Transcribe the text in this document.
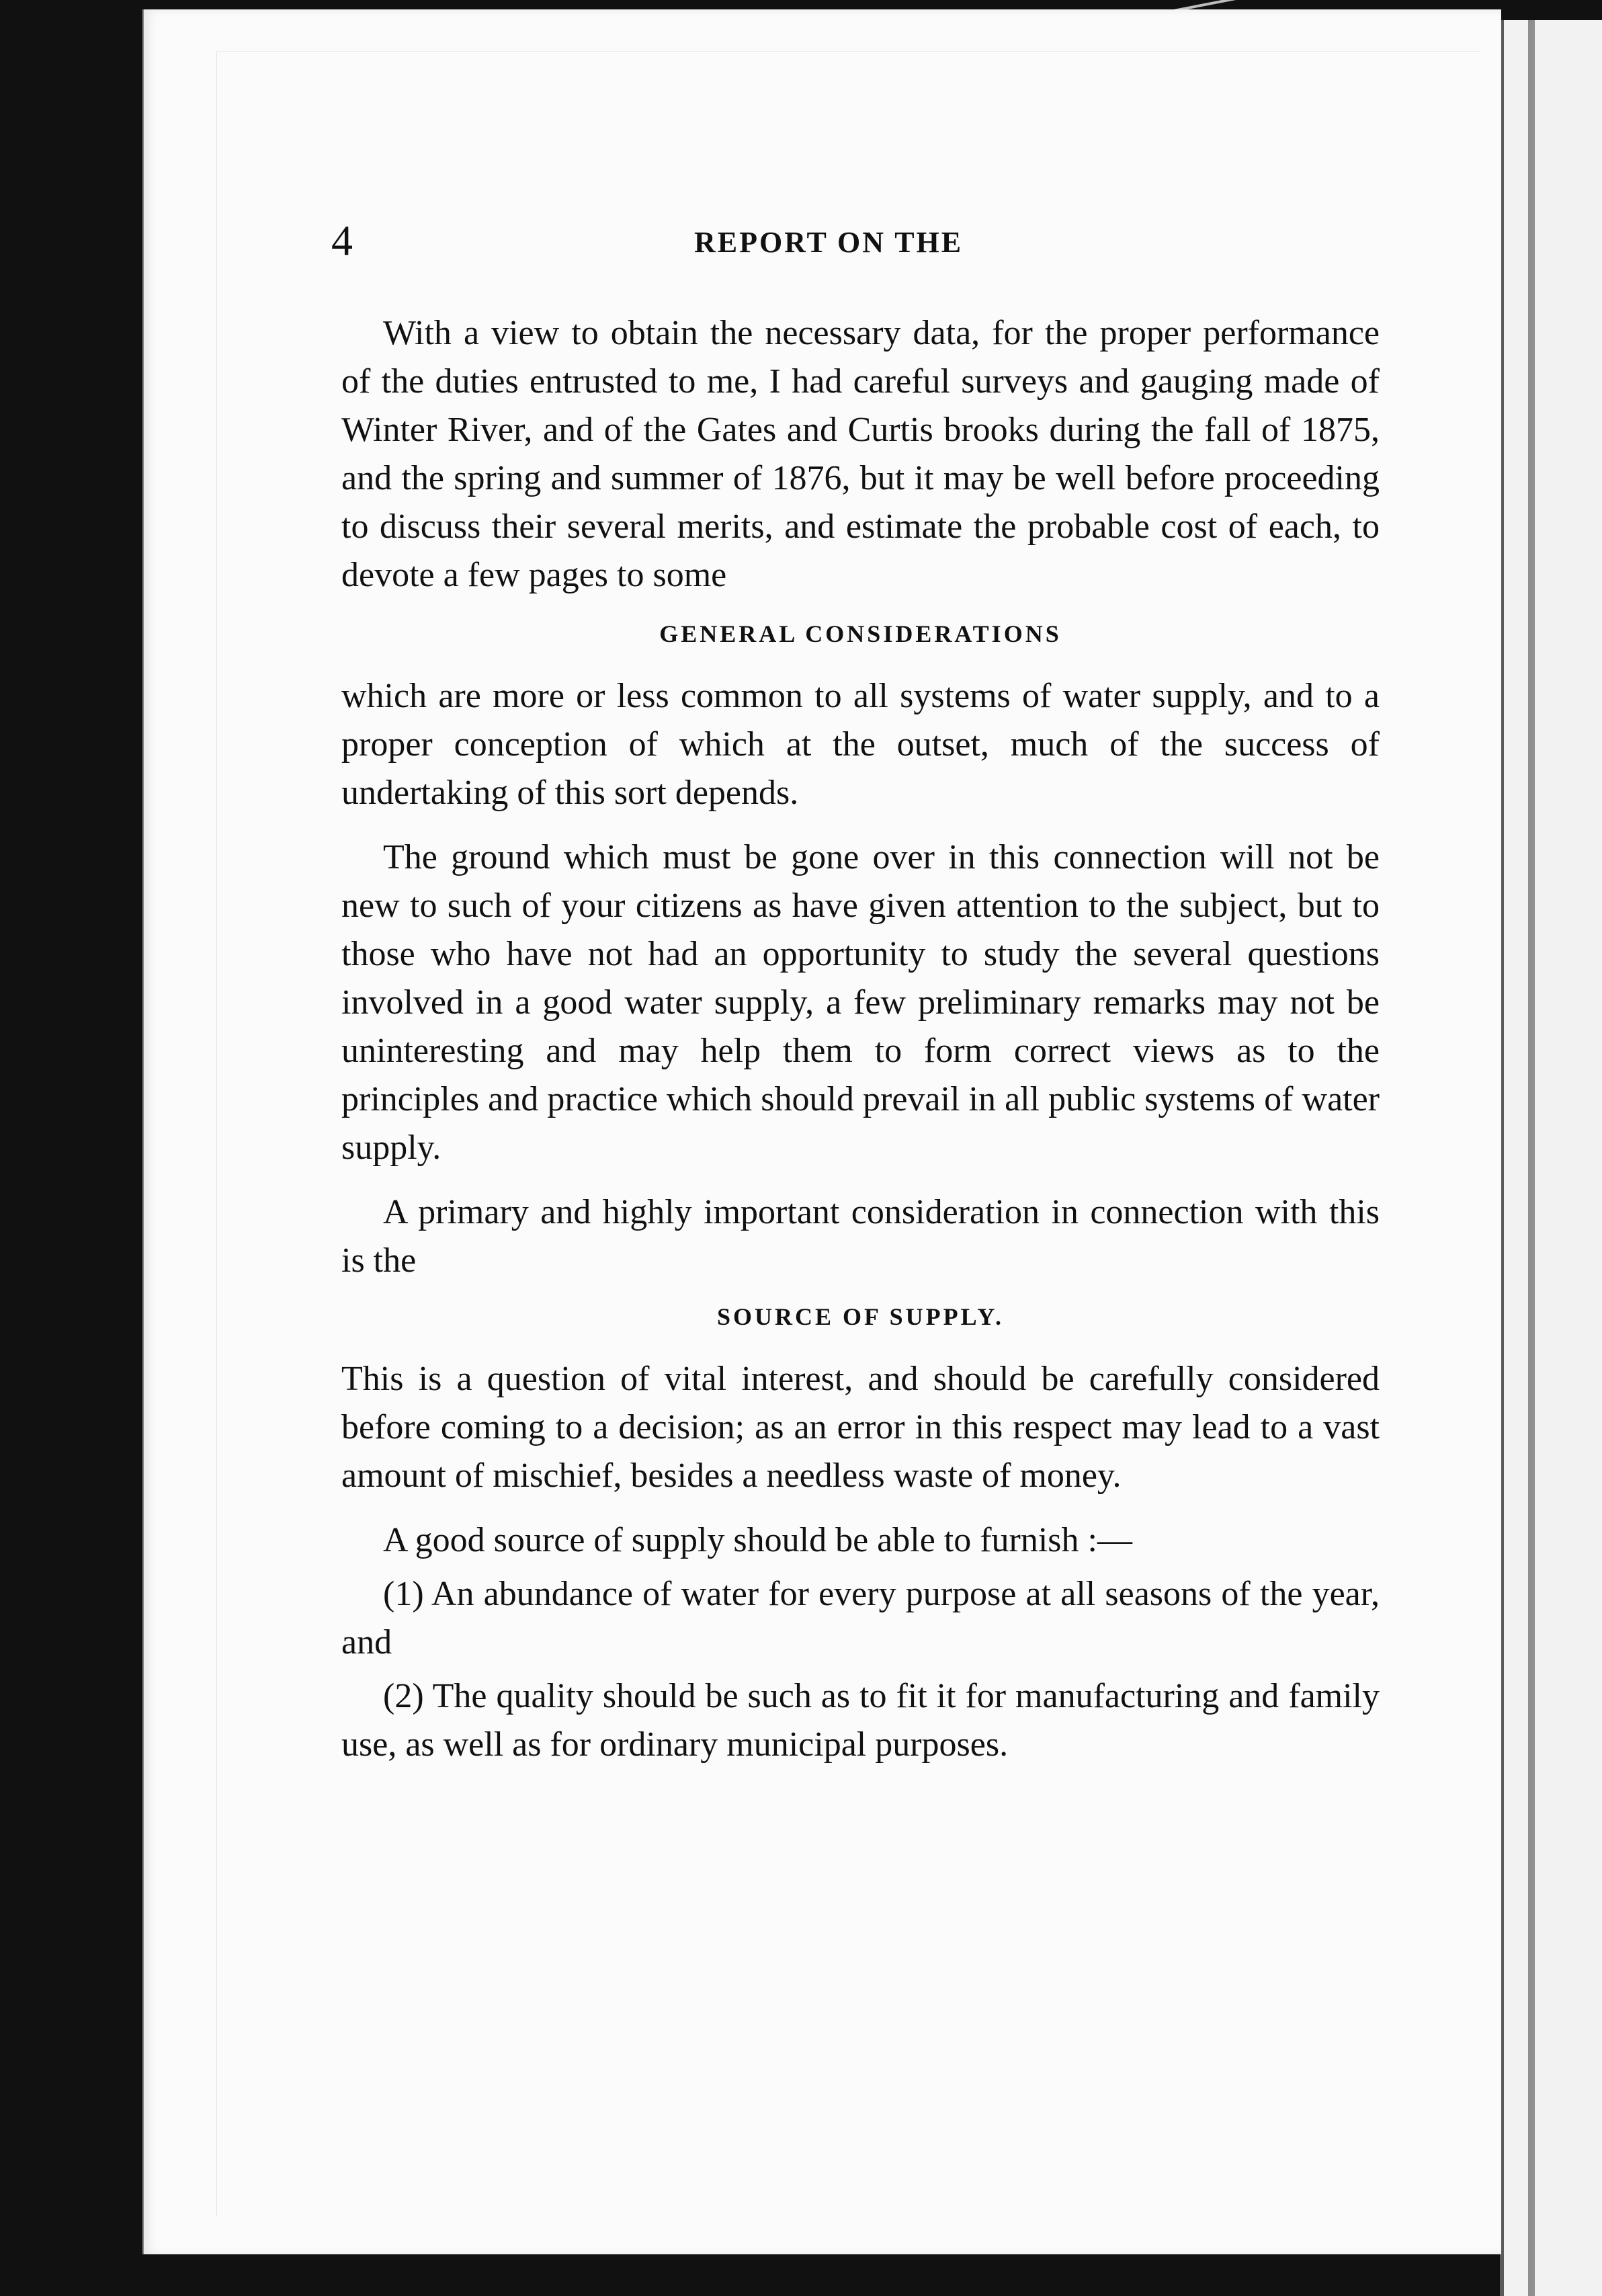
4	REPORT ON THE

With a view to obtain the necessary data, for the proper performance of the duties entrusted to me, I had careful surveys and gauging made of Winter River, and of the Gates and Curtis brooks during the fall of 1875, and the spring and summer of 1876, but it may be well before proceeding to discuss their several merits, and estimate the probable cost of each, to devote a few pages to some

GENERAL CONSIDERATIONS

which are more or less common to all systems of water supply, and to a proper conception of which at the outset, much of the success of undertaking of this sort depends.

The ground which must be gone over in this connection will not be new to such of your citizens as have given attention to the subject, but to those who have not had an opportunity to study the several questions involved in a good water supply, a few preliminary remarks may not be uninteresting and may help them to form correct views as to the principles and practice which should prevail in all public systems of water supply.

A primary and highly important consideration in connection with this is the

SOURCE OF SUPPLY.

This is a question of vital interest, and should be carefully considered before coming to a decision; as an error in this respect may lead to a vast amount of mischief, besides a needless waste of money.

A good source of supply should be able to furnish :—

(1) An abundance of water for every purpose at all seasons of the year, and

(2) The quality should be such as to fit it for manufacturing and family use, as well as for ordinary municipal purposes.
